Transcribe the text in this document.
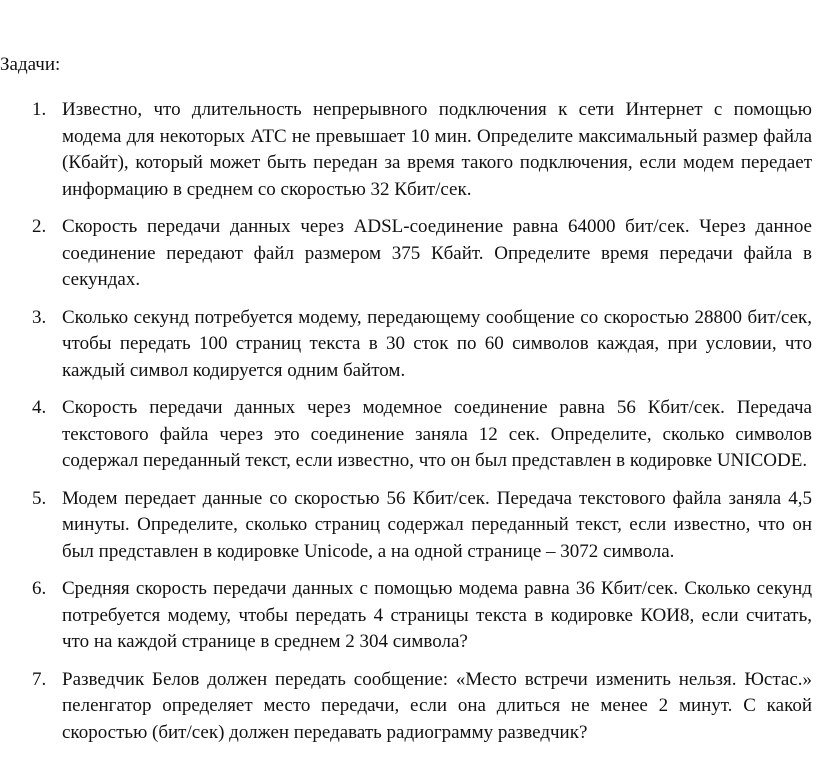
Задачи:
1. Известно, что длительность непрерывного подключения к сети Интернет с помощью модема для некоторых АТС не превышает 10 мин. Определите максимальный размер файла (Кбайт), который может быть передан за время такого подключения, если модем передает информацию в среднем со скоростью 32 Кбит/сек.
2. Скорость передачи данных через ADSL-соединение равна 64000 бит/сек. Через данное соединение передают файл размером 375 Кбайт. Определите время передачи файла в секундах.
3. Сколько секунд потребуется модему, передающему сообщение со скоростью 28800 бит/сек, чтобы передать 100 страниц текста в 30 сток по 60 символов каждая, при условии, что каждый символ кодируется одним байтом.
4. Скорость передачи данных через модемное соединение равна 56 Кбит/сек. Передача текстового файла через это соединение заняла 12 сек. Определите, сколько символов содержал переданный текст, если известно, что он был представлен в кодировке UNICODE.
5. Модем передает данные со скоростью 56 Кбит/сек. Передача текстового файла заняла 4,5 минуты. Определите, сколько страниц содержал переданный текст, если известно, что он был представлен в кодировке Unicode, а на одной странице – 3072 символа.
6. Средняя скорость передачи данных с помощью модема равна 36 Кбит/сек. Сколько секунд потребуется модему, чтобы передать 4 страницы текста в кодировке КОИ8, если считать, что на каждой странице в среднем 2 304 символа?
7. Разведчик Белов должен передать сообщение: «Место встречи изменить нельзя. Юстас.» пеленгатор определяет место передачи, если она длиться не менее 2 минут. С какой скоростью (бит/сек) должен передавать радиограмму разведчик?
